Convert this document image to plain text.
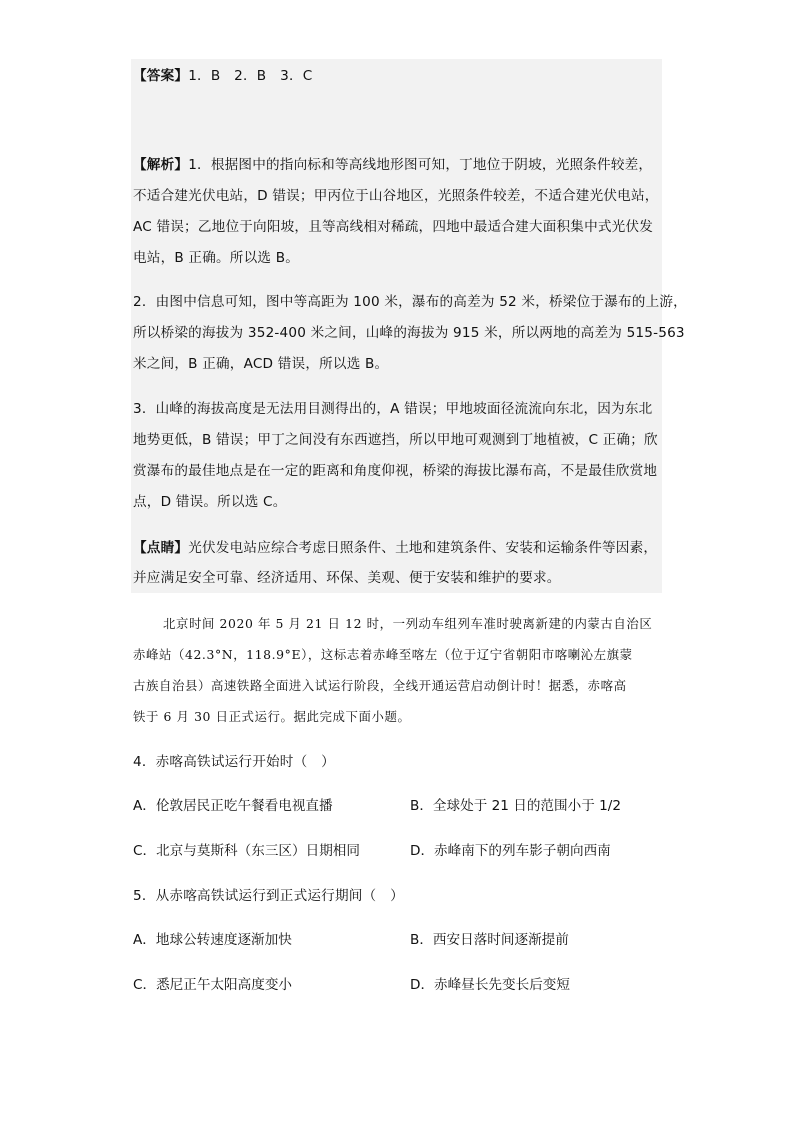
【答案】1．B　2．B　3．C
【解析】1．根据图中的指向标和等高线地形图可知，丁地位于阴坡，光照条件较差，
不适合建光伏电站，D 错误；甲丙位于山谷地区，光照条件较差，不适合建光伏电站，
AC 错误；乙地位于向阳坡，且等高线相对稀疏，四地中最适合建大面积集中式光伏发
电站，B 正确。所以选 B。
2．由图中信息可知，图中等高距为 100 米，瀑布的高差为 52 米，桥梁位于瀑布的上游，
所以桥梁的海拔为 352-400 米之间，山峰的海拔为 915 米，所以两地的高差为 515-563
米之间，B 正确，ACD 错误，所以选 B。
3．山峰的海拔高度是无法用目测得出的，A 错误；甲地坡面径流流向东北，因为东北
地势更低，B 错误；甲丁之间没有东西遮挡，所以甲地可观测到丁地植被，C 正确；欣
赏瀑布的最佳地点是在一定的距离和角度仰视，桥梁的海拔比瀑布高，不是最佳欣赏地
点，D 错误。所以选 C。
【点睛】光伏发电站应综合考虑日照条件、土地和建筑条件、安装和运输条件等因素，
并应满足安全可靠、经济适用、环保、美观、便于安装和维护的要求。
北京时间 2020 年 5 月 21 日 12 时，一列动车组列车准时驶离新建的内蒙古自治区
赤峰站（42.3°N，118.9°E），这标志着赤峰至喀左（位于辽宁省朝阳市喀喇沁左旗蒙
古族自治县）高速铁路全面进入试运行阶段，全线开通运营启动倒计时！据悉，赤喀高
铁于 6 月 30 日正式运行。据此完成下面小题。
4．赤喀高铁试运行开始时（　）
A．伦敦居民正吃午餐看电视直播	B．全球处于 21 日的范围小于 1/2
C．北京与莫斯科（东三区）日期相同	D．赤峰南下的列车影子朝向西南
5．从赤喀高铁试运行到正式运行期间（　）
A．地球公转速度逐渐加快	B．西安日落时间逐渐提前
C．悉尼正午太阳高度变小	D．赤峰昼长先变长后变短
